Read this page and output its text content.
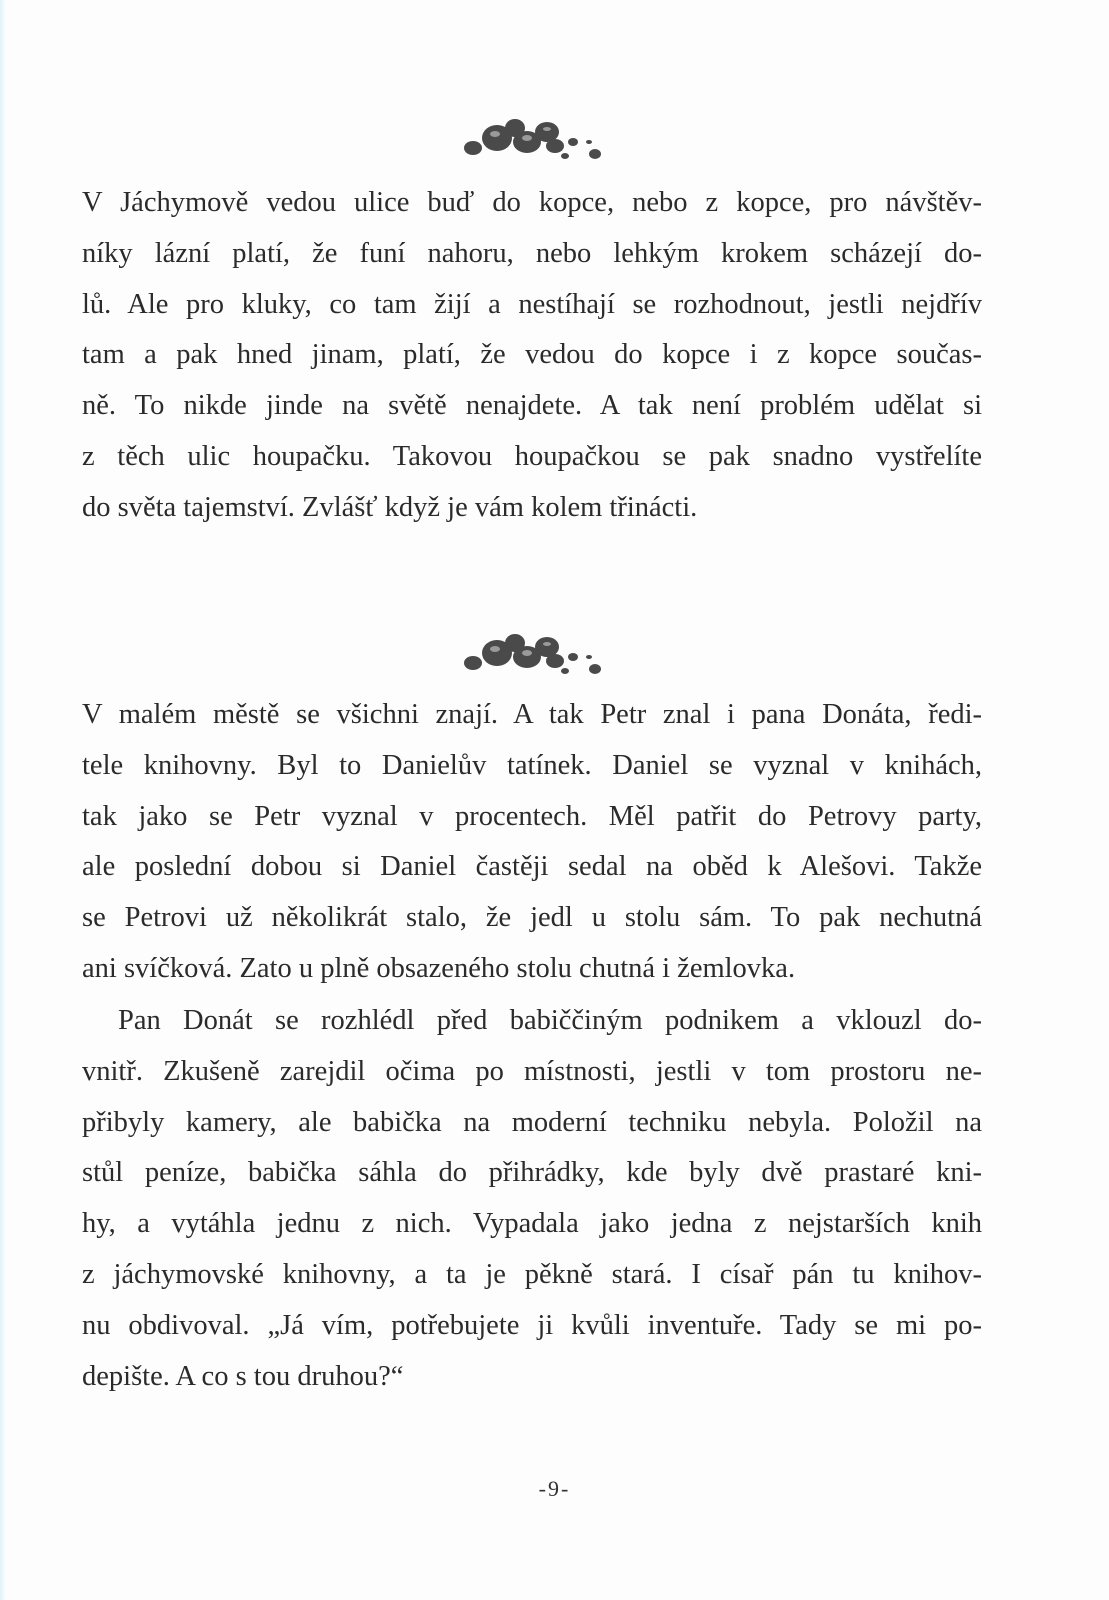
V Jáchymově vedou ulice buď do kopce, nebo z kopce, pro návštěv-
níky lázní platí, že funí nahoru, nebo lehkým krokem scházejí do-
lů. Ale pro kluky, co tam žijí a nestíhají se rozhodnout, jestli nejdřív
tam a pak hned jinam, platí, že vedou do kopce i z kopce součas-
ně. To nikde jinde na světě nenajdete. A tak není problém udělat si
z těch ulic houpačku. Takovou houpačkou se pak snadno vystřelíte
do světa tajemství. Zvlášť když je vám kolem třinácti.
V malém městě se všichni znají. A tak Petr znal i pana Donáta, ředi-
tele knihovny. Byl to Danielův tatínek. Daniel se vyznal v knihách,
tak jako se Petr vyznal v procentech. Měl patřit do Petrovy party,
ale poslední dobou si Daniel častěji sedal na oběd k Alešovi. Takže
se Petrovi už několikrát stalo, že jedl u stolu sám. To pak nechutná
ani svíčková. Zato u plně obsazeného stolu chutná i žemlovka.
Pan Donát se rozhlédl před babiččiným podnikem a vklouzl do-
vnitř. Zkušeně zarejdil očima po místnosti, jestli v tom prostoru ne-
přibyly kamery, ale babička na moderní techniku nebyla. Položil na
stůl peníze, babička sáhla do přihrádky, kde byly dvě prastaré kni-
hy, a vytáhla jednu z nich. Vypadala jako jedna z nejstarších knih
z jáchymovské knihovny, a ta je pěkně stará. I císař pán tu knihov-
nu obdivoval. „Já vím, potřebujete ji kvůli inventuře. Tady se mi po-
depište. A co s tou druhou?“
-9-
